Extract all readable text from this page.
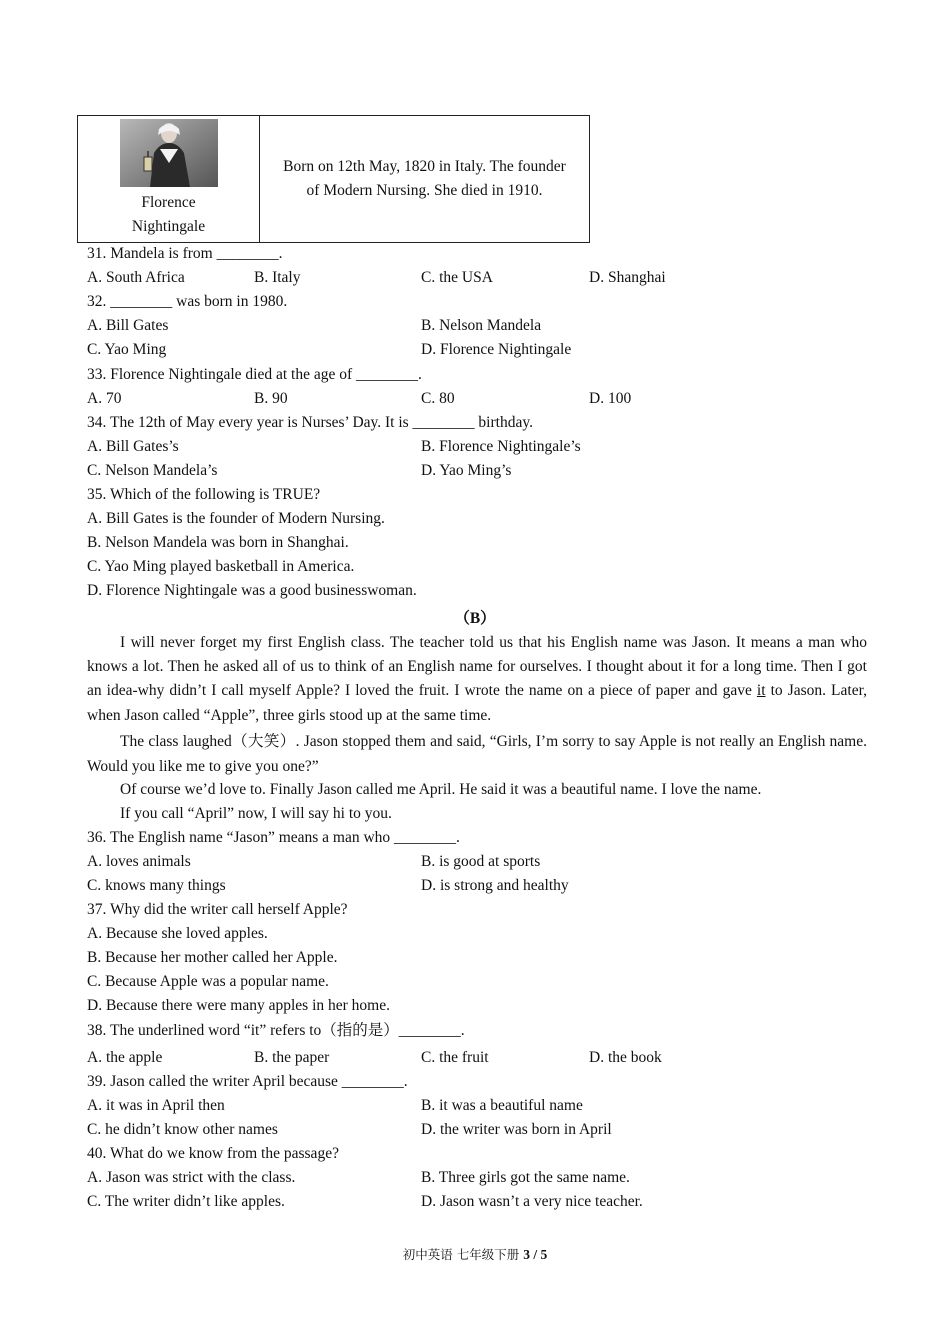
Florence
Nightingale

Born on 12th May, 1820 in Italy. The founder
of Modern Nursing. She died in 1910.
31. Mandela is from ________.
A. South Africa	B. Italy	C. the USA	D. Shanghai
32. ________ was born in 1980.
A. Bill Gates	B. Nelson Mandela
C. Yao Ming	D. Florence Nightingale
33. Florence Nightingale died at the age of ________.
A. 70	B. 90	C. 80	D. 100
34. The 12th of May every year is Nurses’ Day. It is ________ birthday.
A. Bill Gates’s	B. Florence Nightingale’s
C. Nelson Mandela’s	D. Yao Ming’s
35. Which of the following is TRUE?
A. Bill Gates is the founder of Modern Nursing.
B. Nelson Mandela was born in Shanghai.
C. Yao Ming played basketball in America.
D. Florence Nightingale was a good businesswoman.
（B）
I will never forget my first English class. The teacher told us that his English name was Jason. It means a man who knows a lot. Then he asked all of us to think of an English name for ourselves. I thought about it for a long time. Then I got an idea-why didn’t I call myself Apple? I loved the fruit. I wrote the name on a piece of paper and gave it to Jason. Later, when Jason called “Apple”, three girls stood up at the same time.
The class laughed（大笑）. Jason stopped them and said, “Girls, I’m sorry to say Apple is not really an English name. Would you like me to give you one?”
Of course we’d love to. Finally Jason called me April. He said it was a beautiful name. I love the name.
If you call “April” now, I will say hi to you.
36. The English name “Jason” means a man who ________.
A. loves animals	B. is good at sports
C. knows many things	D. is strong and healthy
37. Why did the writer call herself Apple?
A. Because she loved apples.
B. Because her mother called her Apple.
C. Because Apple was a popular name.
D. Because there were many apples in her home.
38. The underlined word “it” refers to（指的是）________.
A. the apple	B. the paper	C. the fruit	D. the book
39. Jason called the writer April because ________.
A. it was in April then	B. it was a beautiful name
C. he didn’t know other names	D. the writer was born in April
40. What do we know from the passage?
A. Jason was strict with the class.	B. Three girls got the same name.
C. The writer didn’t like apples.	D. Jason wasn’t a very nice teacher.
初中英语 七年级下册 3 / 5
